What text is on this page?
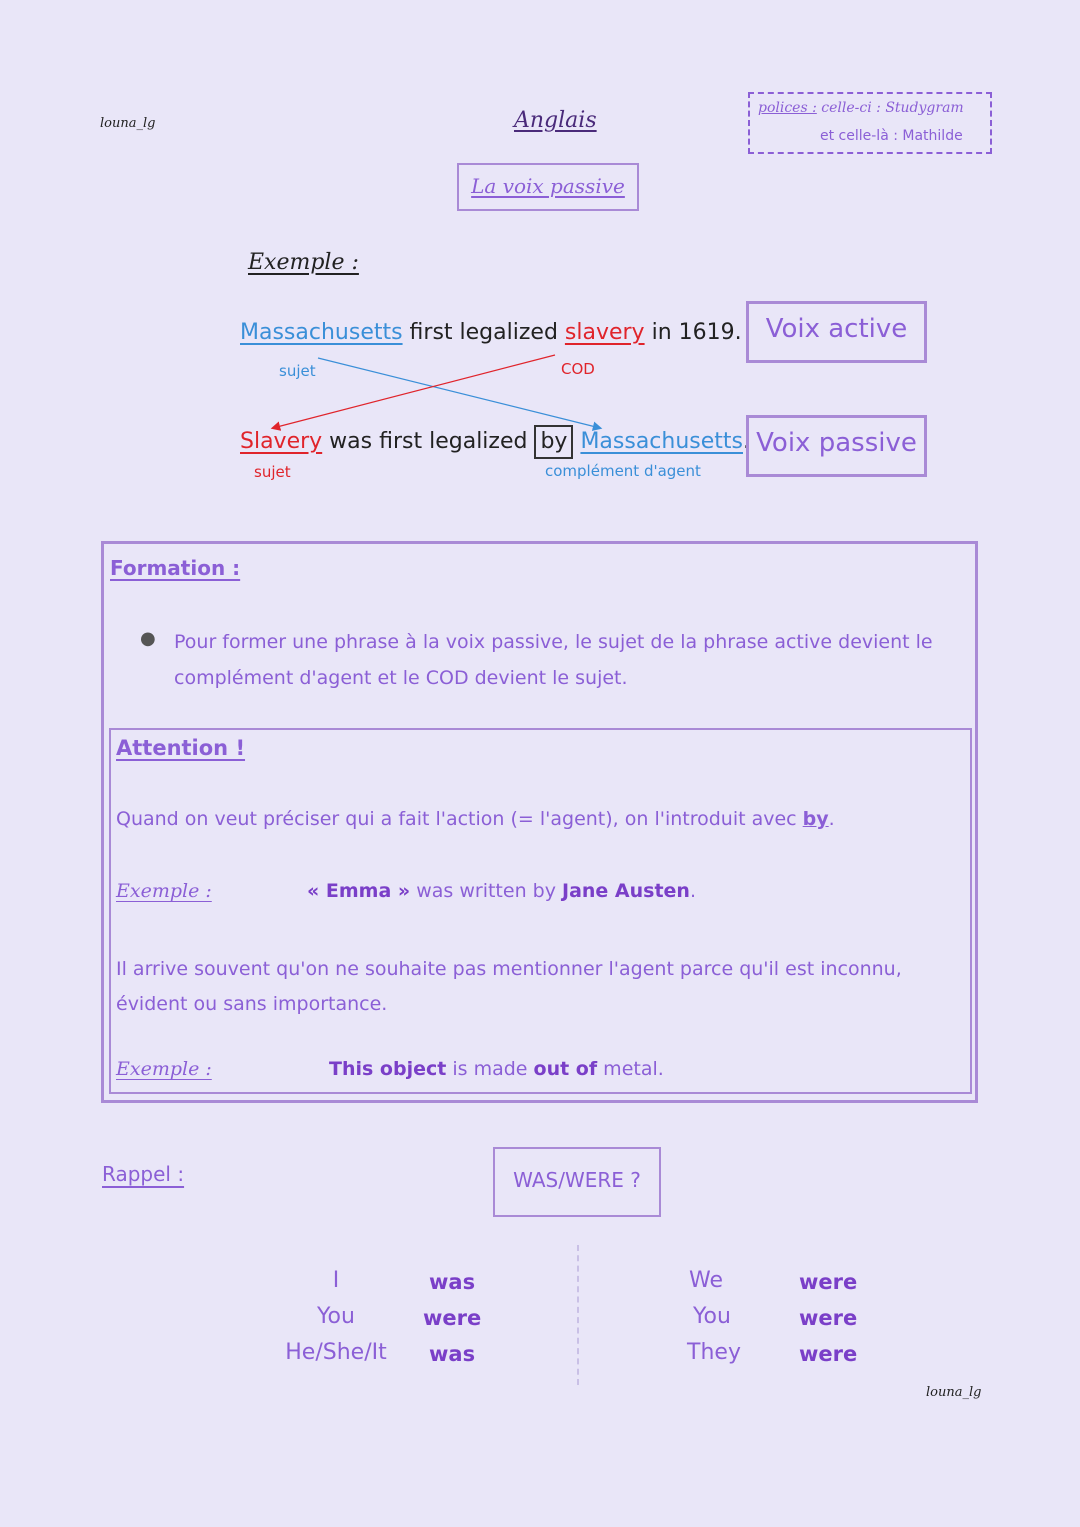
louna_lg	Anglais	polices : celle-ci : Studygram
et celle-là : Mathilde
La voix passive
Exemple :
Massachusetts first legalized slavery in 1619.
sujet	COD
Slavery was first legalized by Massachusetts.
sujet	complément d'agent
Voix active
Voix passive
Formation :
● Pour former une phrase à la voix passive, le sujet de la phrase active devient le complément d'agent et le COD devient le sujet.
Attention !
Quand on veut préciser qui a fait l'action (= l'agent), on l'introduit avec by.
Exemple :	« Emma » was written by Jane Austen.
Il arrive souvent qu'on ne souhaite pas mentionner l'agent parce qu'il est inconnu, évident ou sans importance.
Exemple :	This object is made out of metal.
Rappel :	WAS/WERE ?
I	was
You	were
He/She/It	was
We	were
You	were
They	were
louna_lg
